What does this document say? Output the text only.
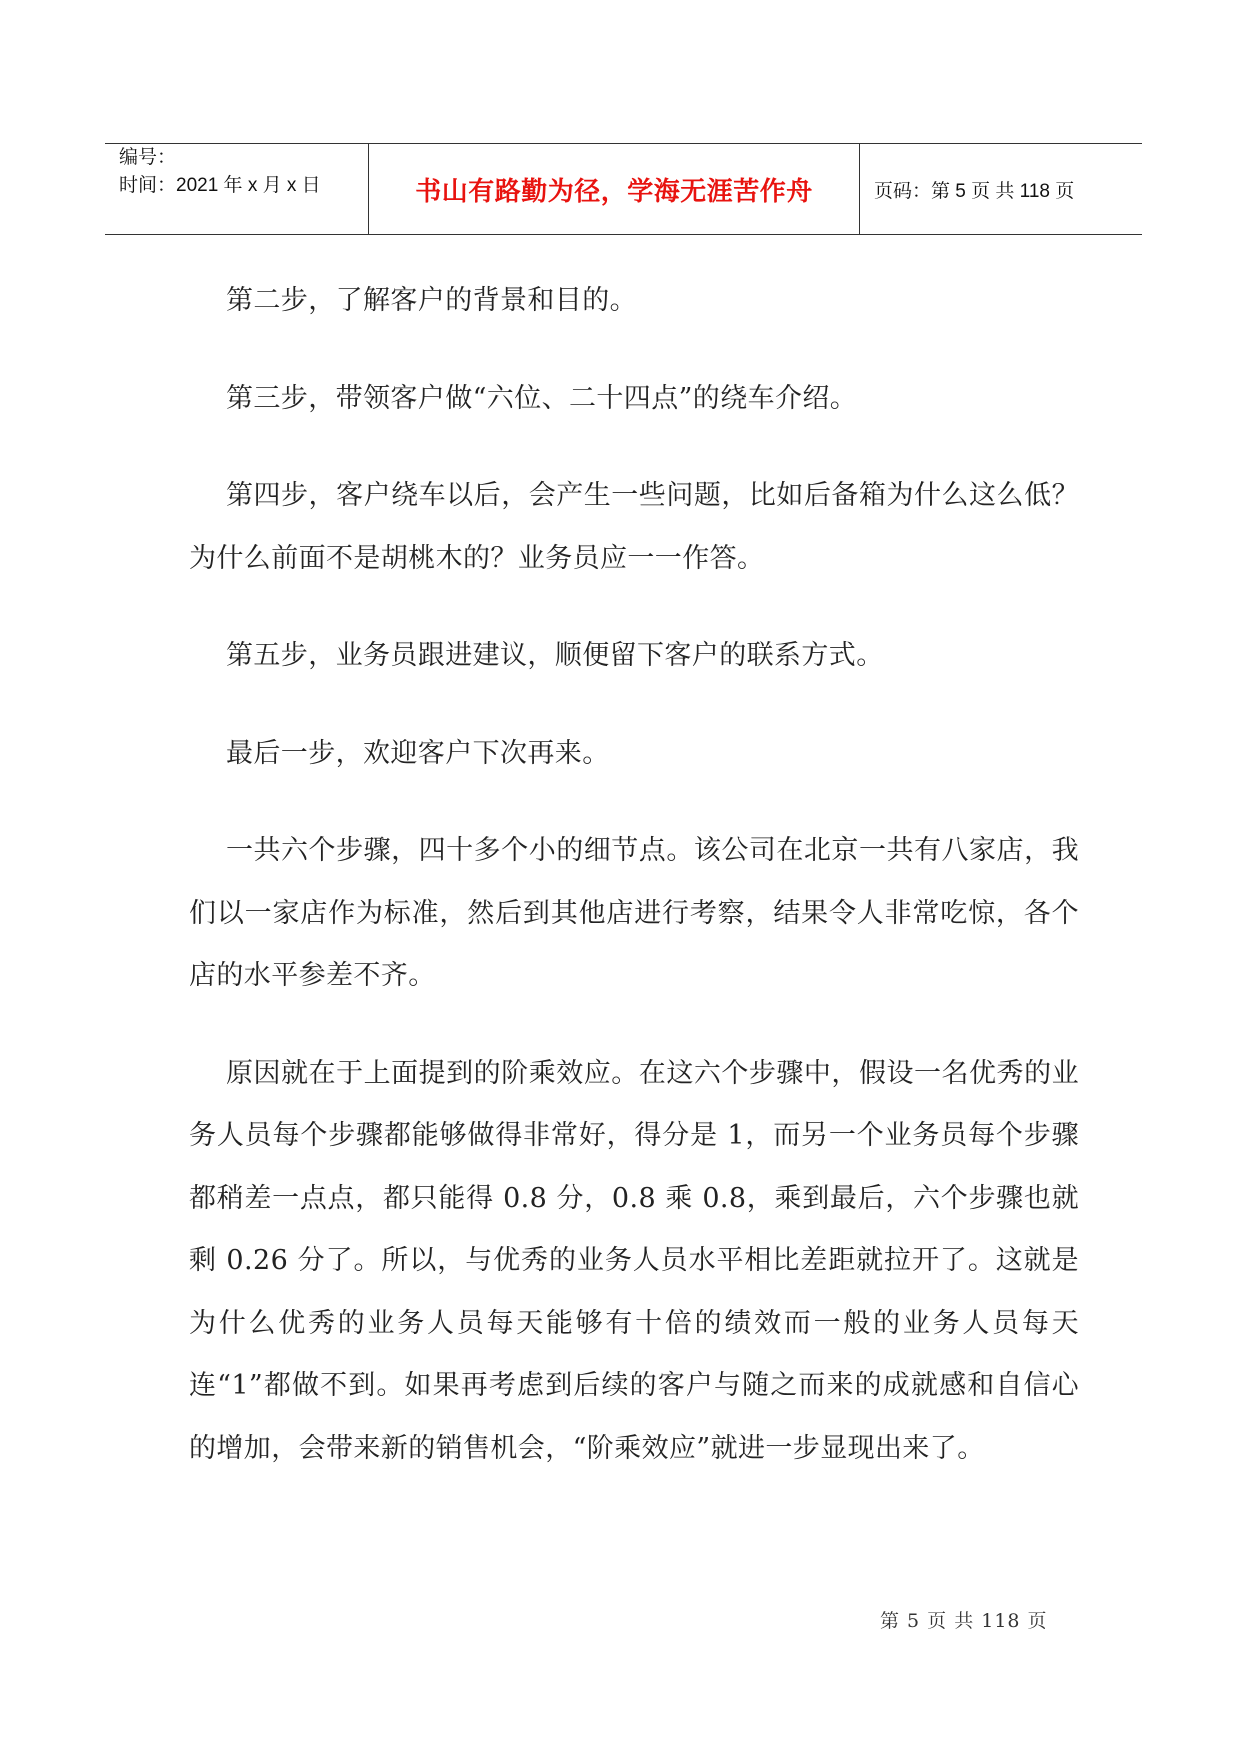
编号：
时间：2021 年 x 月 x 日	书山有路勤为径，学海无涯苦作舟	页码：第 5 页 共 118 页

第二步，了解客户的背景和目的。

第三步，带领客户做“六位、二十四点”的绕车介绍。

第四步，客户绕车以后，会产生一些问题，比如后备箱为什么这么低？为什么前面不是胡桃木的？业务员应一一作答。

第五步，业务员跟进建议，顺便留下客户的联系方式。

最后一步，欢迎客户下次再来。

一共六个步骤，四十多个小的细节点。该公司在北京一共有八家店，我们以一家店作为标准，然后到其他店进行考察，结果令人非常吃惊，各个店的水平参差不齐。

原因就在于上面提到的阶乘效应。在这六个步骤中，假设一名优秀的业务人员每个步骤都能够做得非常好，得分是 1，而另一个业务员每个步骤都稍差一点点，都只能得 0.8 分，0.8 乘 0.8，乘到最后，六个步骤也就剩 0.26 分了。所以，与优秀的业务人员水平相比差距就拉开了。这就是为什么优秀的业务人员每天能够有十倍的绩效而一般的业务人员每天连“1”都做不到。如果再考虑到后续的客户与随之而来的成就感和自信心的增加，会带来新的销售机会，“阶乘效应”就进一步显现出来了。

第 5 页 共 118 页
